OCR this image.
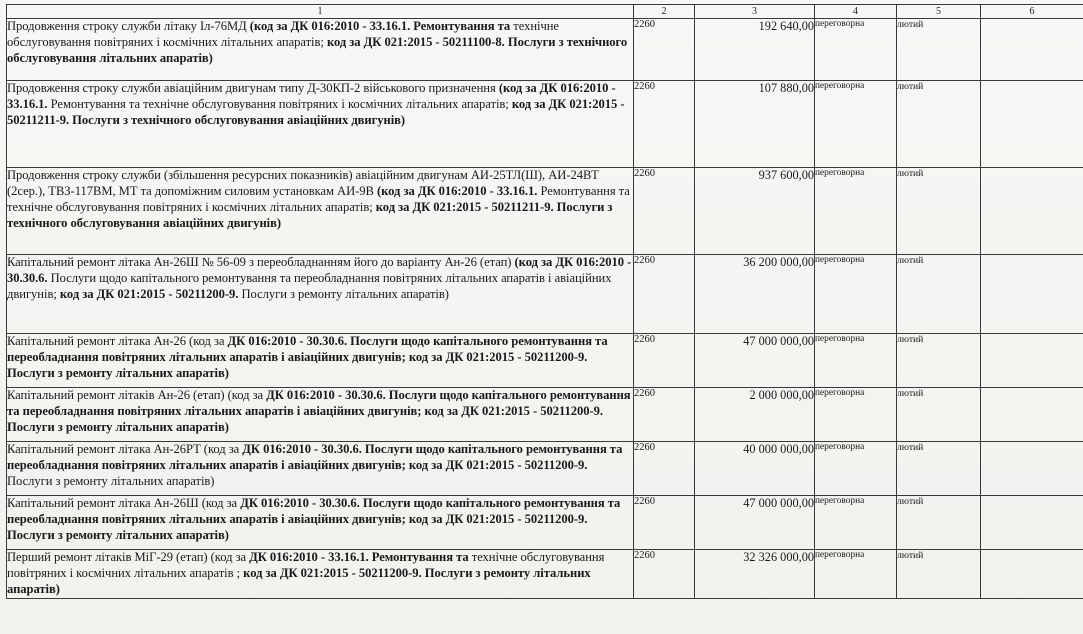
1	2	3	4	5	6
Продовження строку служби літаку Іл-76МД (код за ДК 016:2010 - 33.16.1. Ремонтування та технічне обслуговування повітряних і космічних літальних апаратів; код за ДК 021:2015 - 50211100-8. Послуги з технічного обслуговування літальних апаратів)	2260	192 640,00	переговорна	лютий	
Продовження строку служби авіаційним двигунам типу Д-30КП-2 військового призначення (код за ДК 016:2010 - 33.16.1. Ремонтування та технічне обслуговування повітряних і космічних літальних апаратів; код за ДК 021:2015 - 50211211-9. Послуги з технічного обслуговування авіаційних двигунів)	2260	107 880,00	переговорна	лютий	
Продовження строку служби (збільшення ресурсних показників) авіаційним двигунам АИ-25ТЛ(Ш), АИ-24ВТ (2сер.), ТВЗ-117ВМ, МТ та допоміжним силовим установкам АИ-9В (код за ДК 016:2010 - 33.16.1. Ремонтування та технічне обслуговування повітряних і космічних літальних апаратів; код за ДК 021:2015 - 50211211-9. Послуги з технічного обслуговування авіаційних двигунів)	2260	937 600,00	переговорна	лютий	
Капітальний ремонт літака Ан-26Ш № 56-09 з переобладнанням його до варіанту Ан-26 (етап) (код за ДК 016:2010 - 30.30.6. Послуги щодо капітального ремонтування та переобладнання повітряних літальних апаратів і авіаційних двигунів; код за ДК 021:2015 - 50211200-9. Послуги з ремонту літальних апаратів)	2260	36 200 000,00	переговорна	лютий	
Капітальний ремонт літака Ан-26 (код за ДК 016:2010 - 30.30.6. Послуги щодо капітального ремонтування та переобладнання повітряних літальних апаратів і авіаційних двигунів; код за ДК 021:2015 - 50211200-9. Послуги з ремонту літальних апаратів)	2260	47 000 000,00	переговорна	лютий	
Капітальний ремонт літаків Ан-26 (етап) (код за ДК 016:2010 - 30.30.6. Послуги щодо капітального ремонтування та переобладнання повітряних літальних апаратів і авіаційних двигунів; код за ДК 021:2015 - 50211200-9. Послуги з ремонту літальних апаратів)	2260	2 000 000,00	переговорна	лютий	
Капітальний ремонт літака Ан-26РТ (код за ДК 016:2010 - 30.30.6. Послуги щодо капітального ремонтування та переобладнання повітряних літальних апаратів і авіаційних двигунів; код за ДК 021:2015 - 50211200-9. Послуги з ремонту літальних апаратів)	2260	40 000 000,00	переговорна	лютий	
Капітальний ремонт літака Ан-26Ш (код за ДК 016:2010 - 30.30.6. Послуги щодо капітального ремонтування та переобладнання повітряних літальних апаратів і авіаційних двигунів; код за ДК 021:2015 - 50211200-9. Послуги з ремонту літальних апаратів)	2260	47 000 000,00	переговорна	лютий	
Перший ремонт літаків МіГ-29 (етап) (код за ДК 016:2010 - 33.16.1. Ремонтування та технічне обслуговування повітряних і космічних літальних апаратів ; код за ДК 021:2015 - 50211200-9. Послуги з ремонту літальних апаратів)	2260	32 326 000,00	переговорна	лютий	
